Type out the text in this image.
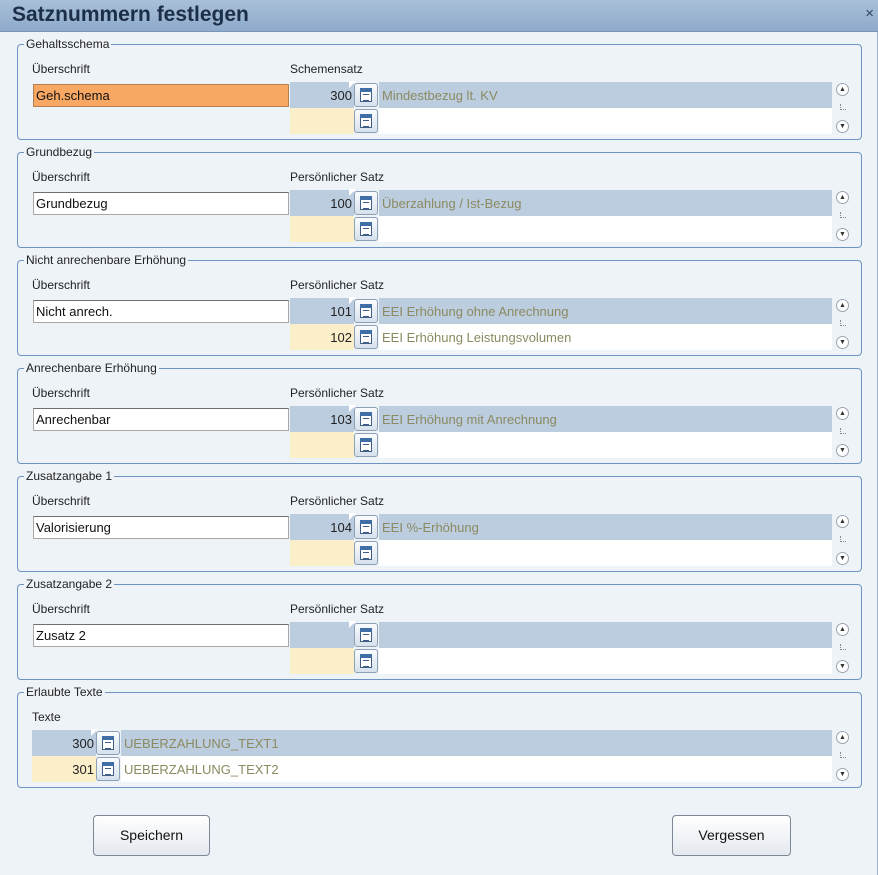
Satznummern festlegen	×
Gehaltsschema
Überschrift	Schemensatz
Geh.schema	300 Mindestbezug lt. KV	▲
▼
Grundbezug
Überschrift	Persönlicher Satz
Grundbezug	100 Überzahlung / Ist-Bezug	▲
▼
Nicht anrechenbare Erhöhung
Überschrift	Persönlicher Satz
Nicht anrech.	101 EEI Erhöhung ohne Anrechnung
102 EEI Erhöhung Leistungsvolumen
▲
▼
Anrechenbare Erhöhung
Überschrift	Persönlicher Satz
Anrechenbar	103 EEI Erhöhung mit Anrechnung	▲
▼
Zusatzangabe 1
Überschrift	Persönlicher Satz
Valorisierung	104 EEI %-Erhöhung	▲
▼
Zusatzangabe 2
Überschrift	Persönlicher Satz
Zusatz 2	▲
▼
Erlaubte Texte
Texte
300 UEBERZAHLUNG_TEXT1
301 UEBERZAHLUNG_TEXT2
▲
▼
Speichern	Vergessen
